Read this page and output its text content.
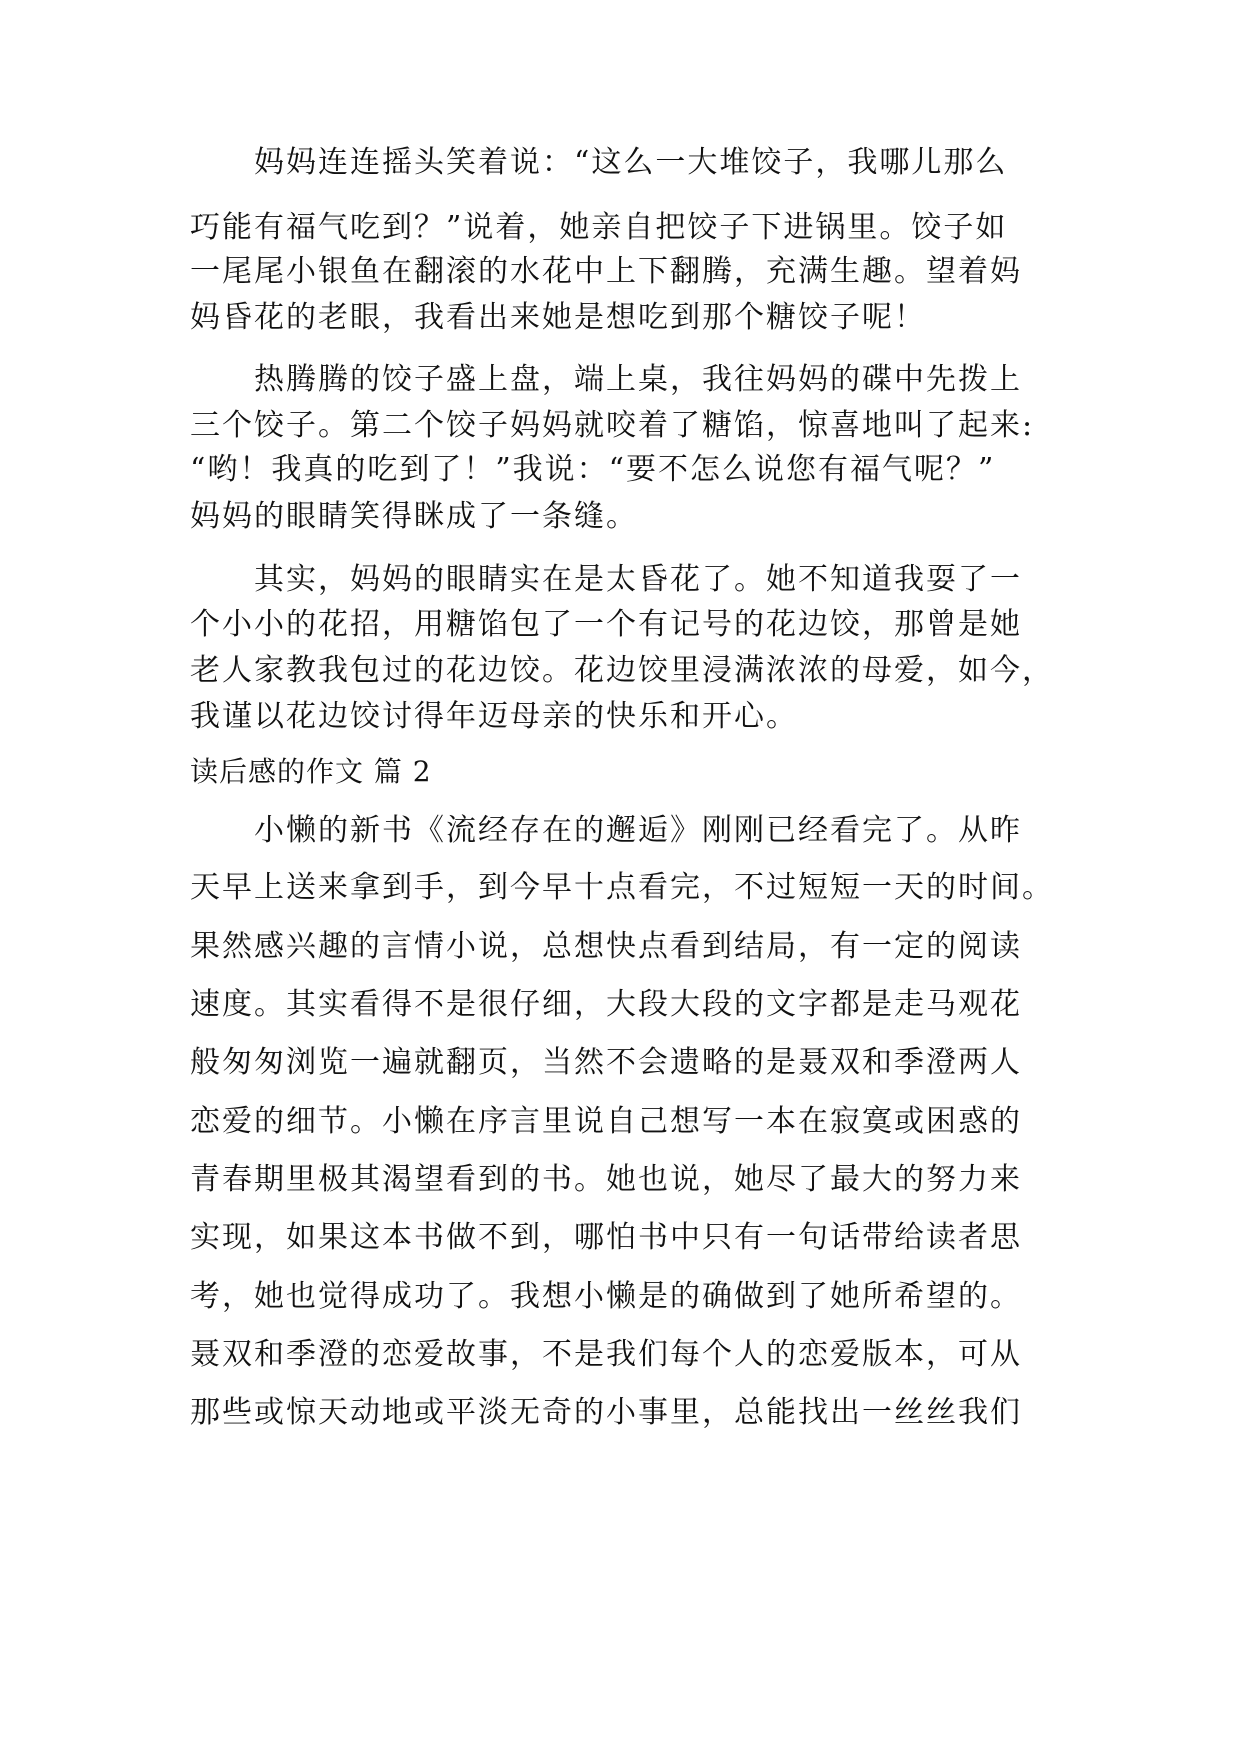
妈妈连连摇头笑着说：“这么一大堆饺子，我哪儿那么
巧能有福气吃到？”说着，她亲自把饺子下进锅里。饺子如
一尾尾小银鱼在翻滚的水花中上下翻腾，充满生趣。望着妈
妈昏花的老眼，我看出来她是想吃到那个糖饺子呢！
热腾腾的饺子盛上盘，端上桌，我往妈妈的碟中先拨上
三个饺子。第二个饺子妈妈就咬着了糖馅，惊喜地叫了起来:
“哟！我真的吃到了！”我说：“要不怎么说您有福气呢？”
妈妈的眼睛笑得眯成了一条缝。
其实，妈妈的眼睛实在是太昏花了。她不知道我耍了一
个小小的花招，用糖馅包了一个有记号的花边饺，那曾是她
老人家教我包过的花边饺。花边饺里浸满浓浓的母爱，如今，
我谨以花边饺讨得年迈母亲的快乐和开心。
读后感的作文 篇 2
小懒的新书《流经存在的邂逅》刚刚已经看完了。从昨
天早上送来拿到手，到今早十点看完，不过短短一天的时间。
果然感兴趣的言情小说，总想快点看到结局，有一定的阅读
速度。其实看得不是很仔细，大段大段的文字都是走马观花
般匆匆浏览一遍就翻页，当然不会遗略的是聂双和季澄两人
恋爱的细节。小懒在序言里说自己想写一本在寂寞或困惑的
青春期里极其渴望看到的书。她也说，她尽了最大的努力来
实现，如果这本书做不到，哪怕书中只有一句话带给读者思
考，她也觉得成功了。我想小懒是的确做到了她所希望的。
聂双和季澄的恋爱故事，不是我们每个人的恋爱版本，可从
那些或惊天动地或平淡无奇的小事里，总能找出一丝丝我们
